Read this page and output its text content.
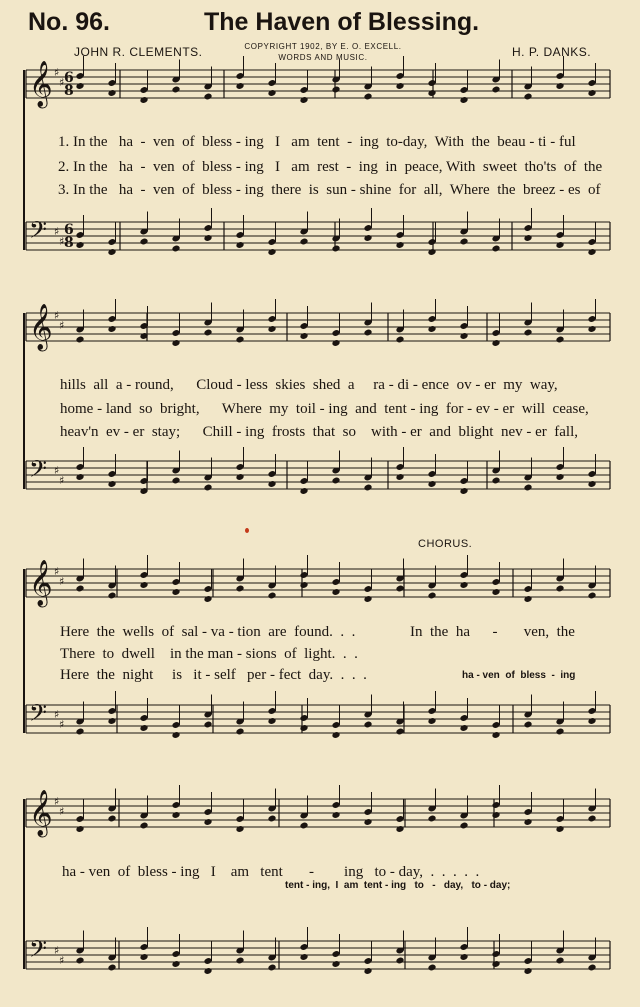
No. 96.	The Haven of Blessing.
JOHN R. CLEMENTS.	COPYRIGHT 1902, BY E. O. EXCELL.
WORDS AND MUSIC.	H. P. DANKS.
𝄞 ♯
♯
𝄢 ♯
♯
𝄞 ♯
♯
𝄢 ♯
♯
𝄞 ♯
♯
𝄢 ♯
♯
𝄞 ♯
♯
𝄢 ♯
♯
6
6
8
8
1. In the   ha  -  ven  of  bless - ing   I   am  tent  -  ing  to-day,  With  the  beau - ti - ful
2. In the   ha  -  ven  of  bless - ing   I   am  rest  -  ing  in  peace, With  sweet  tho'ts  of  the
3. In the   ha  -  ven  of  bless - ing  there  is  sun - shine  for  all,  Where  the  breez - es  of
hills  all  a - round,      Cloud - less  skies  shed  a     ra - di - ence  ov - er  my  way,
home - land  so  bright,      Where  my  toil - ing  and  tent - ing  for - ev - er  will  cease,
heav'n  ev - er  stay;      Chill - ing  frosts  that  so    with - er  and  blight  nev - er  fall,
CHORUS.
Here  the  wells  of  sal - va - tion  are  found.  .  .
There  to  dwell    in the man - sions  of  light.  .  .
Here  the  night     is   it - self   per - fect  day.  .  .  .
In  the  ha      -       ven,  the
ha - ven  of  bless  -  ing
ha - ven  of  bless - ing   I    am   tent       -        ing   to - day,  .  .  .  .  .
tent - ing,  I  am  tent - ing   to   -   day,   to - day;
